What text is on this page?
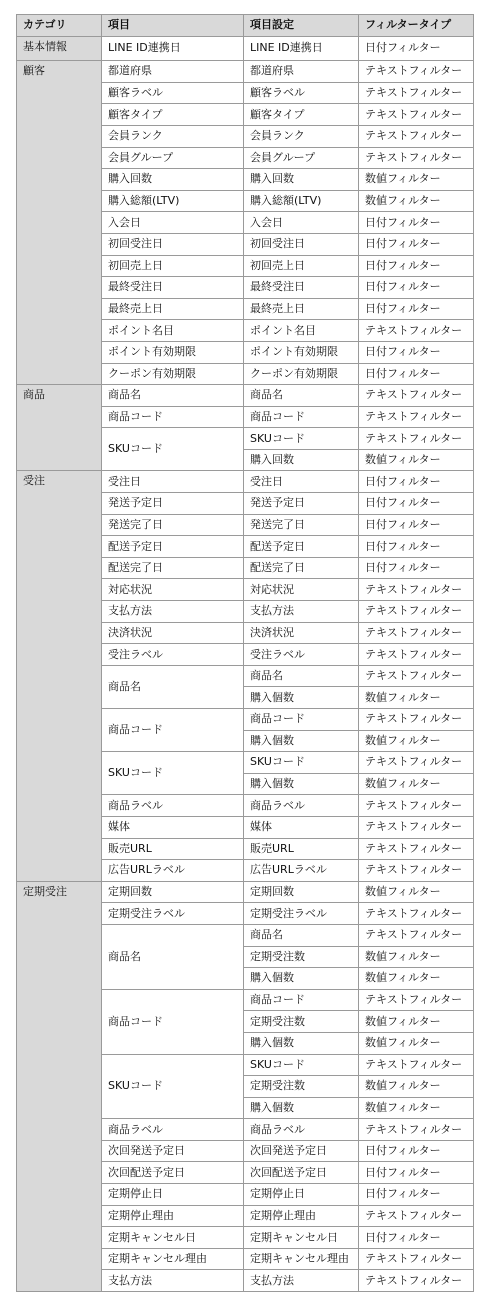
カテゴリ	項目	項目設定	フィルタータイプ
基本情報	LINE ID連携日	LINE ID連携日	日付フィルター
顧客	都道府県	都道府県	テキストフィルター
	顧客ラベル	顧客ラベル	テキストフィルター
	顧客タイプ	顧客タイプ	テキストフィルター
	会員ランク	会員ランク	テキストフィルター
	会員グループ	会員グループ	テキストフィルター
	購入回数	購入回数	数値フィルター
	購入総額(LTV)	購入総額(LTV)	数値フィルター
	入会日	入会日	日付フィルター
	初回受注日	初回受注日	日付フィルター
	初回売上日	初回売上日	日付フィルター
	最終受注日	最終受注日	日付フィルター
	最終売上日	最終売上日	日付フィルター
	ポイント名目	ポイント名目	テキストフィルター
	ポイント有効期限	ポイント有効期限	日付フィルター
	クーポン有効期限	クーポン有効期限	日付フィルター
商品	商品名	商品名	テキストフィルター
	商品コード	商品コード	テキストフィルター
	SKUコード	SKUコード	テキストフィルター
		購入回数	数値フィルター
受注	受注日	受注日	日付フィルター
	発送予定日	発送予定日	日付フィルター
	発送完了日	発送完了日	日付フィルター
	配送予定日	配送予定日	日付フィルター
	配送完了日	配送完了日	日付フィルター
	対応状況	対応状況	テキストフィルター
	支払方法	支払方法	テキストフィルター
	決済状況	決済状況	テキストフィルター
	受注ラベル	受注ラベル	テキストフィルター
	商品名	商品名	テキストフィルター
		購入個数	数値フィルター
	商品コード	商品コード	テキストフィルター
		購入個数	数値フィルター
	SKUコード	SKUコード	テキストフィルター
		購入個数	数値フィルター
	商品ラベル	商品ラベル	テキストフィルター
	媒体	媒体	テキストフィルター
	販売URL	販売URL	テキストフィルター
	広告URLラベル	広告URLラベル	テキストフィルター
定期受注	定期回数	定期回数	数値フィルター
	定期受注ラベル	定期受注ラベル	テキストフィルター
	商品名	商品名	テキストフィルター
		定期受注数	数値フィルター
		購入個数	数値フィルター
	商品コード	商品コード	テキストフィルター
		定期受注数	数値フィルター
		購入個数	数値フィルター
	SKUコード	SKUコード	テキストフィルター
		定期受注数	数値フィルター
		購入個数	数値フィルター
	商品ラベル	商品ラベル	テキストフィルター
	次回発送予定日	次回発送予定日	日付フィルター
	次回配送予定日	次回配送予定日	日付フィルター
	定期停止日	定期停止日	日付フィルター
	定期停止理由	定期停止理由	テキストフィルター
	定期キャンセル日	定期キャンセル日	日付フィルター
	定期キャンセル理由	定期キャンセル理由	テキストフィルター
	支払方法	支払方法	テキストフィルター
